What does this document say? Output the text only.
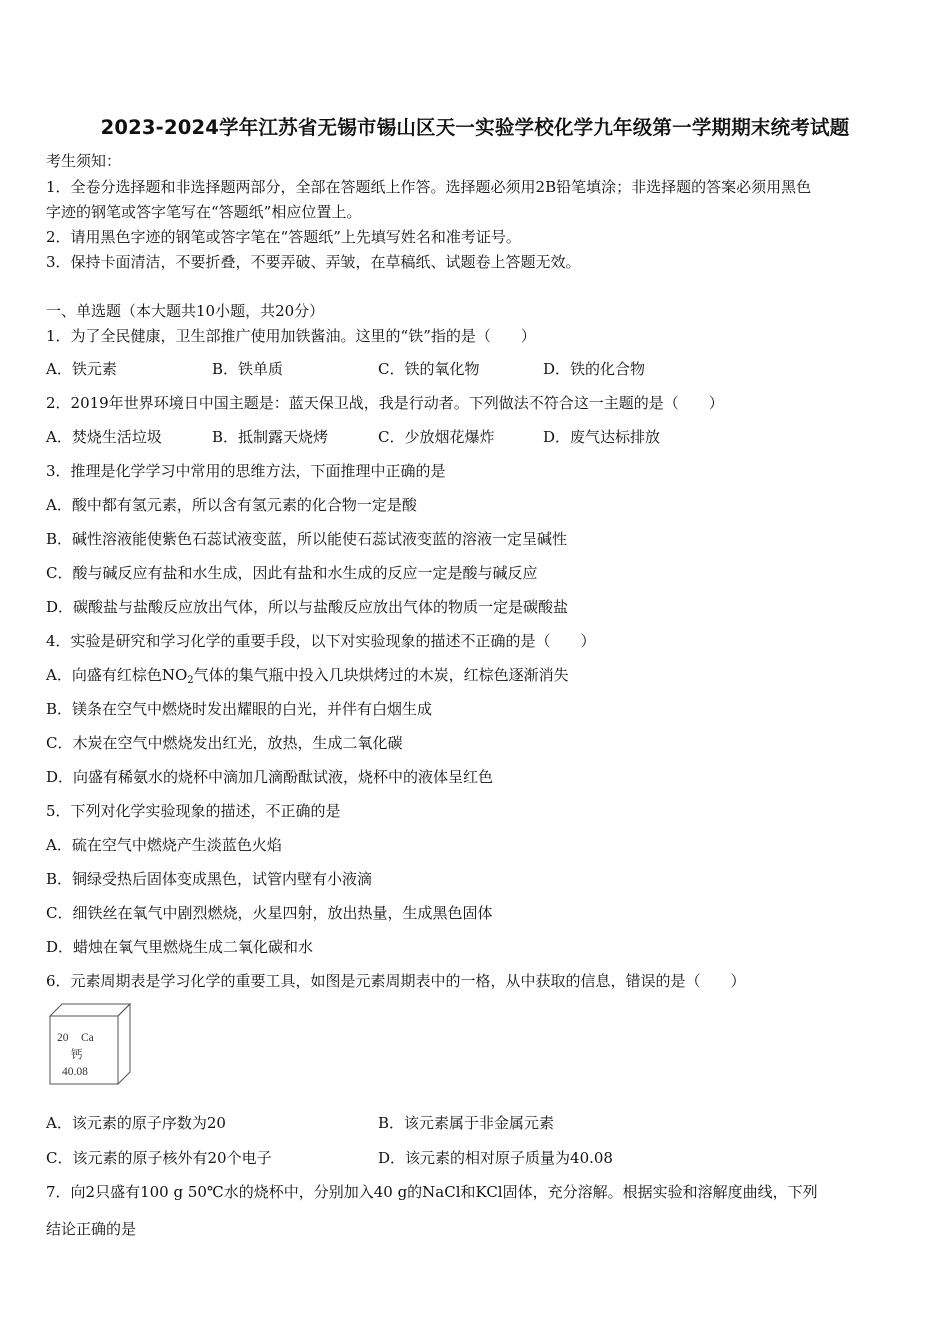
2023-2024学年江苏省无锡市锡山区天一实验学校化学九年级第一学期期末统考试题
考生须知：
1．全卷分选择题和非选择题两部分，全部在答题纸上作答。选择题必须用2B铅笔填涂；非选择题的答案必须用黑色
字迹的钢笔或答字笔写在“答题纸”相应位置上。
2．请用黑色字迹的钢笔或答字笔在“答题纸”上先填写姓名和准考证号。
3．保持卡面清洁，不要折叠，不要弄破、弄皱，在草稿纸、试题卷上答题无效。
一、单选题（本大题共10小题，共20分）
1．为了全民健康，卫生部推广使用加铁酱油。这里的“铁”指的是（　　）
A．铁元素	B．铁单质	C．铁的氧化物	D．铁的化合物
2．2019年世界环境日中国主题是：蓝天保卫战，我是行动者。下列做法不符合这一主题的是（　　）
A．焚烧生活垃圾	B．抵制露天烧烤	C．少放烟花爆炸	D．废气达标排放
3．推理是化学学习中常用的思维方法，下面推理中正确的是
A．酸中都有氢元素，所以含有氢元素的化合物一定是酸
B．碱性溶液能使紫色石蕊试液变蓝，所以能使石蕊试液变蓝的溶液一定呈碱性
C．酸与碱反应有盐和水生成，因此有盐和水生成的反应一定是酸与碱反应
D．碳酸盐与盐酸反应放出气体，所以与盐酸反应放出气体的物质一定是碳酸盐
4．实验是研究和学习化学的重要手段，以下对实验现象的描述不正确的是（　　）
A．向盛有红棕色$NO_2$气体的集气瓶中投入几块烘烤过的木炭，红棕色逐渐消失
B．镁条在空气中燃烧时发出耀眼的白光，并伴有白烟生成
C．木炭在空气中燃烧发出红光，放热，生成二氧化碳
D．向盛有稀氨水的烧杯中滴加几滴酚酞试液，烧杯中的液体呈红色
5．下列对化学实验现象的描述，不正确的是
A．硫在空气中燃烧产生淡蓝色火焰
B．铜绿受热后固体变成黑色，试管内壁有小液滴
C．细铁丝在氧气中剧烈燃烧，火星四射，放出热量，生成黑色固体
D．蜡烛在氧气里燃烧生成二氧化碳和水
6．元素周期表是学习化学的重要工具，如图是元素周期表中的一格，从中获取的信息，错误的是（　　）
20 Ca
钙
40.08
A．该元素的原子序数为20	B．该元素属于非金属元素
C．该元素的原子核外有20个电子	D．该元素的相对原子质量为40.08
7．向2只盛有100 g 50℃水的烧杯中，分别加入40 g的NaCl和KCl固体，充分溶解。根据实验和溶解度曲线，下列
结论正确的是
